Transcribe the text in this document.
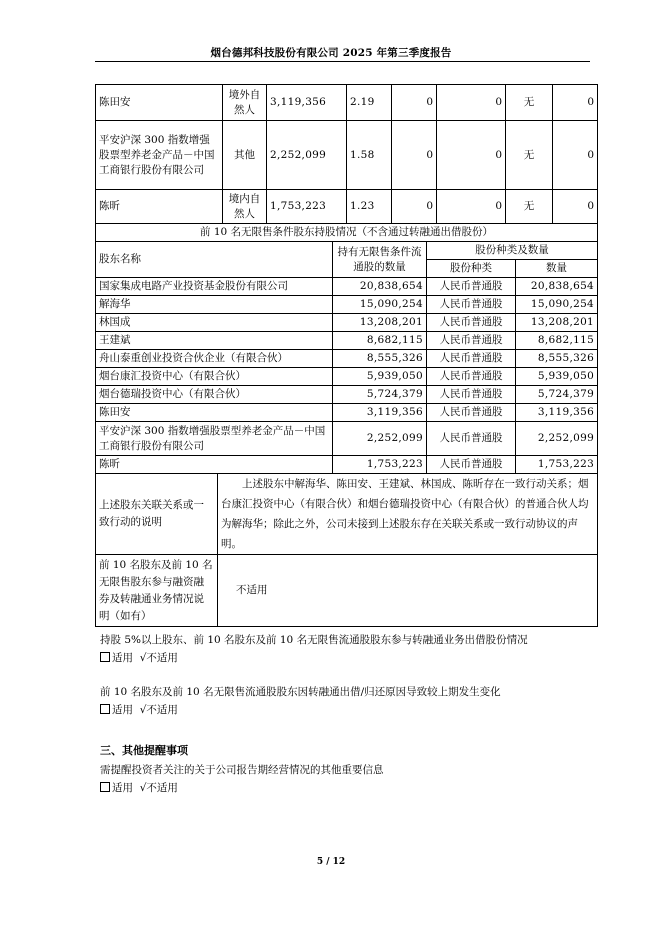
烟台德邦科技股份有限公司 2025 年第三季度报告
陈田安	境外自然人	3,119,356	2.19	0	0	无	0
平安沪深 300 指数增强股票型养老金产品－中国工商银行股份有限公司	其他	2,252,099	1.58	0	0	无	0
陈昕	境内自然人	1,753,223	1.23	0	0	无	0
前 10 名无限售条件股东持股情况（不含通过转融通出借股份）				
股东名称		持有无限售条件流通股的数量	股份种类及数量	
			股份种类	数量
国家集成电路产业投资基金股份有限公司		20,838,654	人民币普通股	20,838,654
解海华		15,090,254	人民币普通股	15,090,254
林国成		13,208,201	人民币普通股	13,208,201
王建斌		8,682,115	人民币普通股	8,682,115
舟山泰重创业投资合伙企业（有限合伙）		8,555,326	人民币普通股	8,555,326
烟台康汇投资中心（有限合伙）		5,939,050	人民币普通股	5,939,050
烟台德瑞投资中心（有限合伙）		5,724,379	人民币普通股	5,724,379
陈田安		3,119,356	人民币普通股	3,119,356
平安沪深 300 指数增强股票型养老金产品－中国工商银行股份有限公司		2,252,099	人民币普通股	2,252,099
陈昕		1,753,223	人民币普通股	1,753,223
上述股东关联关系或一致行动的说明	上述股东中解海华、陈田安、王建斌、林国成、陈昕存在一致行动关系；烟台康汇投资中心（有限合伙）和烟台德瑞投资中心（有限合伙）的普通合伙人均为解海华；除此之外，公司未接到上述股东存在关联关系或一致行动协议的声明。			
前 10 名股东及前 10 名无限售股东参与融资融券及转融通业务情况说明（如有）	不适用			
持股 5%以上股东、前 10 名股东及前 10 名无限售流通股股东参与转融通业务出借股份情况
适用 √不适用
前 10 名股东及前 10 名无限售流通股股东因转融通出借/归还原因导致较上期发生变化
适用 √不适用
三、其他提醒事项
需提醒投资者关注的关于公司报告期经营情况的其他重要信息
适用 √不适用
5 / 12
